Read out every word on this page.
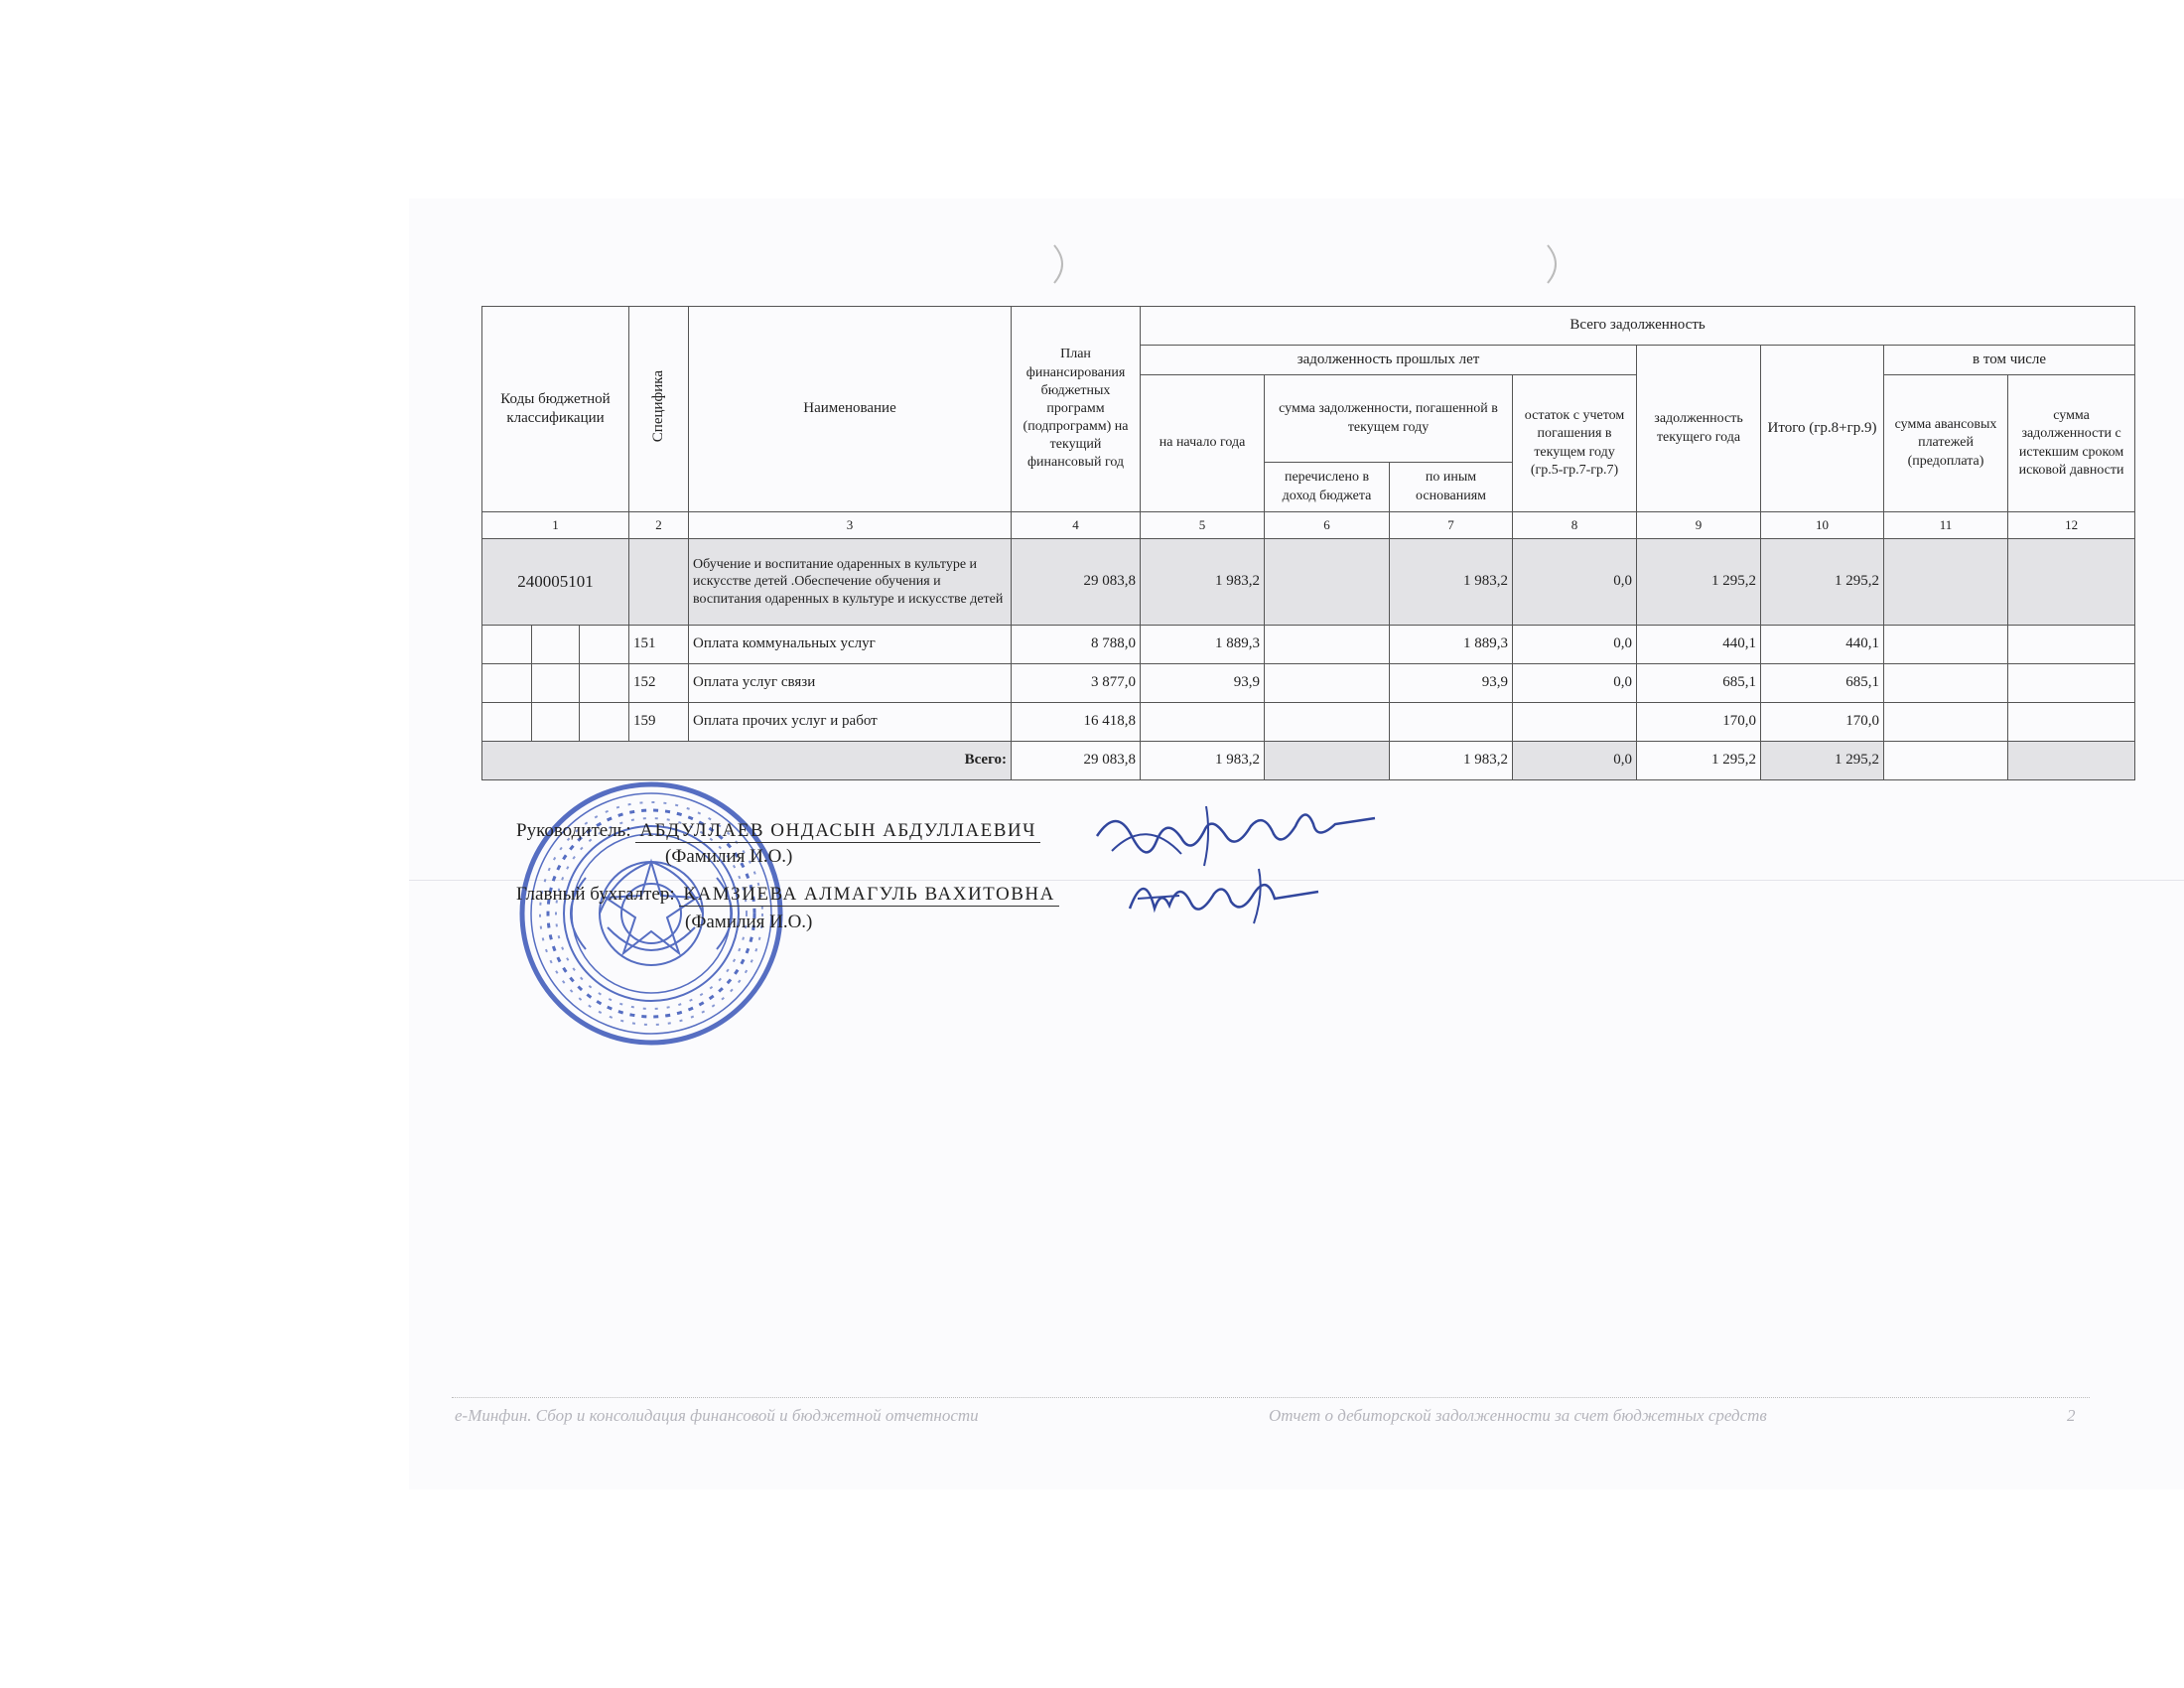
Коды бюджетной классификации			Специфика	Наименование	План финансирования бюджетных программ (подпрограмм) на текущий финансовый год	Всего задолженность							
						задолженность прошлых лет				задолженность текущего года	Итого (гр.8+гр.9)	в том числе	
						на начало года	сумма задолженности, погашенной в текущем году		остаток с учетом погашения в текущем году (гр.5-гр.7-гр.7)			сумма авансовых платежей (предоплата)	сумма задолженности с истекшим сроком исковой давности
							перечислено в доход бюджета	по иным основаниям					
1			2	3	4	5	6	7	8	9	10	11	12
240005101				Обучение и воспитание одаренных в культуре и искусстве детей .Обеспечение обучения и воспитания одаренных в культуре и искусстве детей	29 083,8	1 983,2		1 983,2	0,0	1 295,2	1 295,2		
			151	Оплата коммунальных услуг	8 788,0	1 889,3		1 889,3	0,0	440,1	440,1		
			152	Оплата услуг связи	3 877,0	93,9		93,9	0,0	685,1	685,1		
			159	Оплата прочих услуг и работ	16 418,8					170,0	170,0		
Всего:					29 083,8	1 983,2		1 983,2	0,0	1 295,2	1 295,2		
Руководитель: АБДУЛЛАЕВ ОНДАСЫН АБДУЛЛАЕВИЧ
(Фамилия И.О.)
Главный бухгалтер: КАМЗИЕВА АЛМАГУЛЬ ВАХИТОВНА
(Фамилия И.О.)
е-Минфин. Сбор и консолидация финансовой и бюджетной отчетности	Отчет о дебиторской задолженности за счет бюджетных средств	2
